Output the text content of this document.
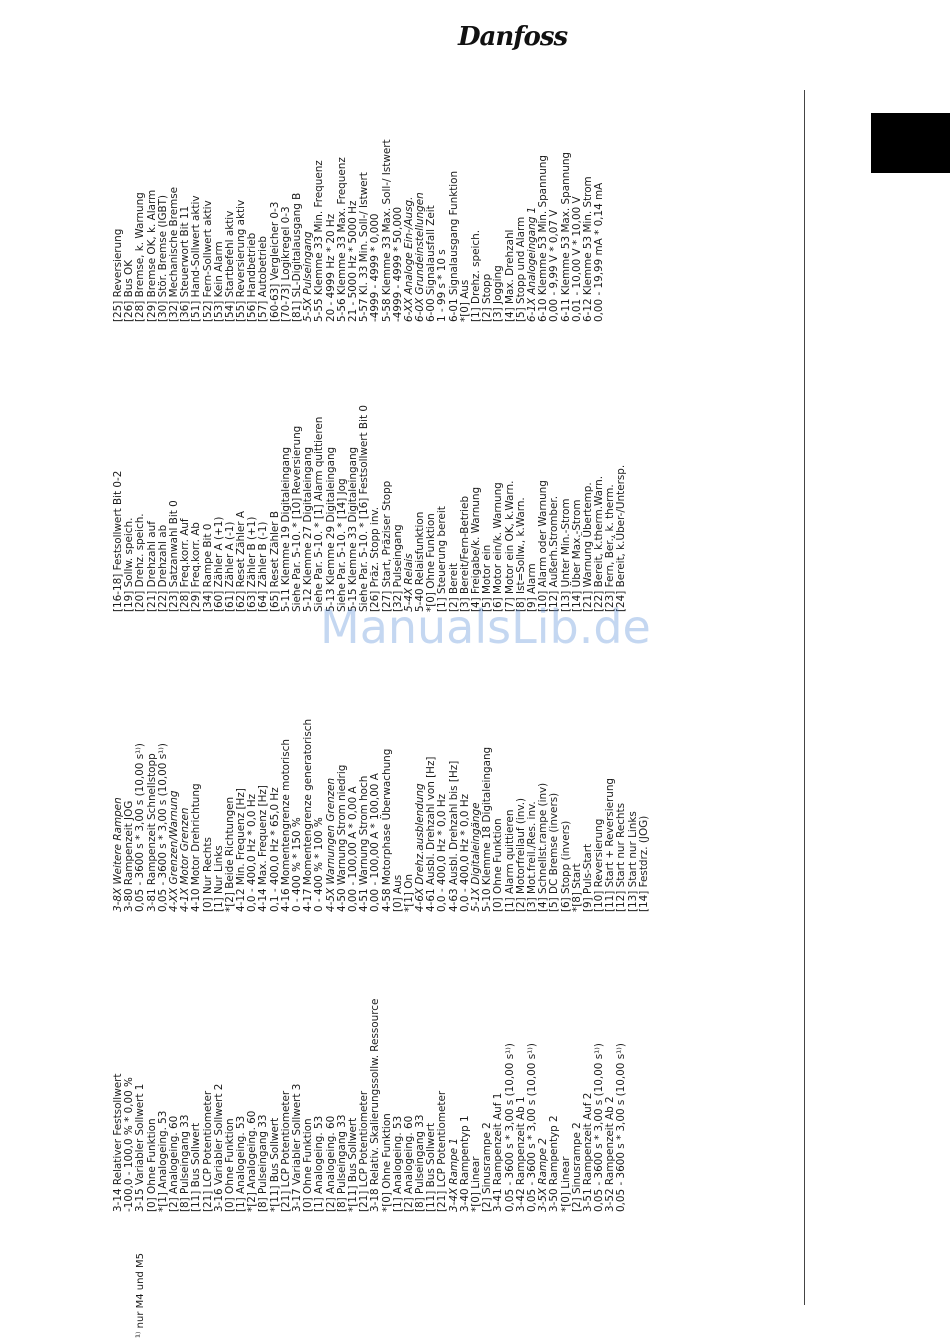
Danfoss
3-14 Relativer Festsollwert -100,0 - 100,0 % * 0,00 % 3-15 Variabler Sollwert 1 [0] Ohne Funktion *[1] Analogeing. 53 [2] Analogeing. 60 [8] Pulseingang 33 [11] Bus Sollwert [21] LCP Potentiometer 3-16 Variabler Sollwert 2 [0] Ohne Funktion [1] Analogeing. 53 *[2] Analogeing. 60 [8] Pulseingang 33 *[11] Bus Sollwert [21] LCP Potentiometer 3-17 Variabler Sollwert 3 [0] Ohne Funktion [1] Analogeing. 53 [2] Analogeing. 60 [8] Pulseingang 33 *[11] Bus Sollwert [21] LCP Potentiometer 3-18 Relativ. Skalierungssollw. Ressource *[0] Ohne Funktion [1] Analogeing. 53 [2] Analogeing. 60 [8] Pulseingang 33 [11] Bus Sollwert [21] LCP Potentiometer 3-4X Rampe 1 3-40 Rampentyp 1 *[0] Linear [2] Sinusrampe 2 3-41 Rampenzeit Auf 1 0,05 - 3600 s * 3,00 s (10,00 s¹⁾) 3-42 Rampenzeit Ab 1 0,05 - 3600 s * 3,00 s (10,00 s¹⁾) 3-5X Rampe 2 3-50 Rampentyp 2 *[0] Linear [2] Sinusrampe 2 3-51 Rampenzeit Auf 2 0,05 - 3600 s * 3,00 s (10,00 s¹⁾) 3-52 Rampenzeit Ab 2 0,05 - 3600 s * 3,00 s (10,00 s¹⁾)
3-8X Weitere Rampen 3-80 Rampenzeit JOG 0,05 - 3600 s * 3,00 s (10,00 s¹⁾) 3-81 Rampenzeit Schnellstopp 0,05 - 3600 s * 3,00 s (10,00 s¹⁾) 4-XX Grenzen/Warnung 4-1X Motor Grenzen 4-10 Motor Drehrichtung [0] Nur Rechts [1] Nur Links *[2] Beide Richtungen 4-12 Min. Frequenz [Hz] 0,0 - 400,0 Hz * 0,0 Hz 4-14 Max. Frequenz [Hz] 0,1 - 400,0 Hz * 65,0 Hz 4-16 Momentengrenze motorisch 0 - 400 % * 150 % 4-17 Momentengrenze generatorisch 0 - 400 % * 100 % 4-5X Warnungen Grenzen 4-50 Warnung Strom niedrig 0,00 - 100,00 A * 0,00 A 4-51 Warnung Strom hoch 0,00 - 100,00 A * 100,00 A 4-58 Motorphase Überwachung [0] Aus *[1] On 4-6X Drehz.ausblendung 4-61 Ausbl. Drehzahl von [Hz] 0,0 - 400,0 Hz * 0,0 Hz 4-63 Ausbl. Drehzahl bis [Hz] 0,0 - 400,0 Hz * 0,0 Hz 5-1X Digitaleingänge 5-10 Klemme 18 Digitaleingang [0] Ohne Funktion [1] Alarm quittieren [2] Motorfreilauf (inv.) [3] Mot.freil./Res. inv. [4] Schnellst.rampe (inv) [5] DC Bremse (invers) [6] Stopp (invers) *[8] Start [9] Puls-Start [10] Reversierung [11] Start + Reversierung [12] Start nur Rechts [13] Start nur Links [14] Festdrz. (JOG)
[16-18] Festsollwert Bit 0-2 [19] Sollw. speich. [20] Drehz. speich. [21] Drehzahl auf [22] Drehzahl ab [23] Satzanwahl Bit 0 [28] Freq.korr. Auf [29] Freq.korr. Ab [34] Rampe Bit 0 [60] Zähler A (+1) [61] Zähler A (-1) [62] Reset Zähler A [63] Zähler B (+1) [64] Zähler B (-1) [65] Reset Zähler B 5-11 Klemme 19 Digitaleingang Siehe Par. 5-10. * [10] Reversierung 5-12 Klemme 27 Digitaleingang Siehe Par. 5-10. * [1] Alarm quittieren 5-13 Klemme 29 Digitaleingang Siehe Par. 5-10. * [14] Jog 5-15 Klemme 33 Digitaleingang Siehe Par. 5-10. * [16] Festsollwert Bit 0 [26] Präz. Stopp inv. [27] Start, Präziser Stopp [32] Pulseingang 5-4X Relais 5-40 Relaisfunktion *[0] Ohne Funktion [1] Steuerung bereit [2] Bereit [3] Bereit/Fern-Betrieb [4] Freigabe/k. Warnung [5] Motor ein [6] Motor ein/k. Warnung [7] Motor ein OK, k.Warn. [8] Ist=Sollw., k.Warn. [9] Alarm [10] Alarm oder Warnung [12] Außerh.Stromber. [13] Unter Min.-Strom [14] Über Max.-Strom [21] Warnung Übertemp. [22] Bereit, k.therm.Warn. [23] Fern, Ber., k. therm. [24] Bereit, k.Über-/Untersp.
[25] Reversierung [26] Bus OK [28] Bremse, k. Warnung [29] Bremse OK, k. Alarm [30] Stör. Bremse (IGBT) [32] Mechanische Bremse [36] Steuerwort Bit 11 [51] Hand-Sollwert aktiv [52] Fern-Sollwert aktiv [53] Kein Alarm [54] Startbefehl aktiv [55] Reversierung aktiv [56] Handbetrieb [57] Autobetrieb [60-63] Vergleicher 0-3 [70-73] Logikregel 0-3 [81] SL-Digitalausgang B 5-5X Pulseingang 5-55 Klemme 33 Min. Frequenz 20 - 4999 Hz * 20 Hz 5-56 Klemme 33 Max. Frequenz 21 - 5000 Hz * 5000 Hz 5-57 Kl. 33 Min. Soll-/ Istwert -4999 - 4999 * 0,000 5-58 Klemme 33 Max. Soll-/ Istwert -4999 - 4999 * 50,000 6-XX Analoge Ein-/Ausg. 6-0X Grundeinstellungen 6-00 Signalausfall Zeit 1 - 99 s * 10 s 6-01 Signalausgang Funktion *[0] Aus [1] Drehz. speich. [2] Stopp [3] Jogging [4] Max. Drehzahl [5] Stopp und Alarm 6-1X Analogeingang 1 6-10 Klemme 53 Min. Spannung 0,00 - 9,99 V * 0,07 V 6-11 Klemme 53 Max. Spannung 0,01 - 10,00 V * 10,00 V 6-12 Klemme 53 Min. Strom 0,00 - 19,99 mA * 0,14 mA
ManualsLib.de
¹⁾ nur M4 und M5
